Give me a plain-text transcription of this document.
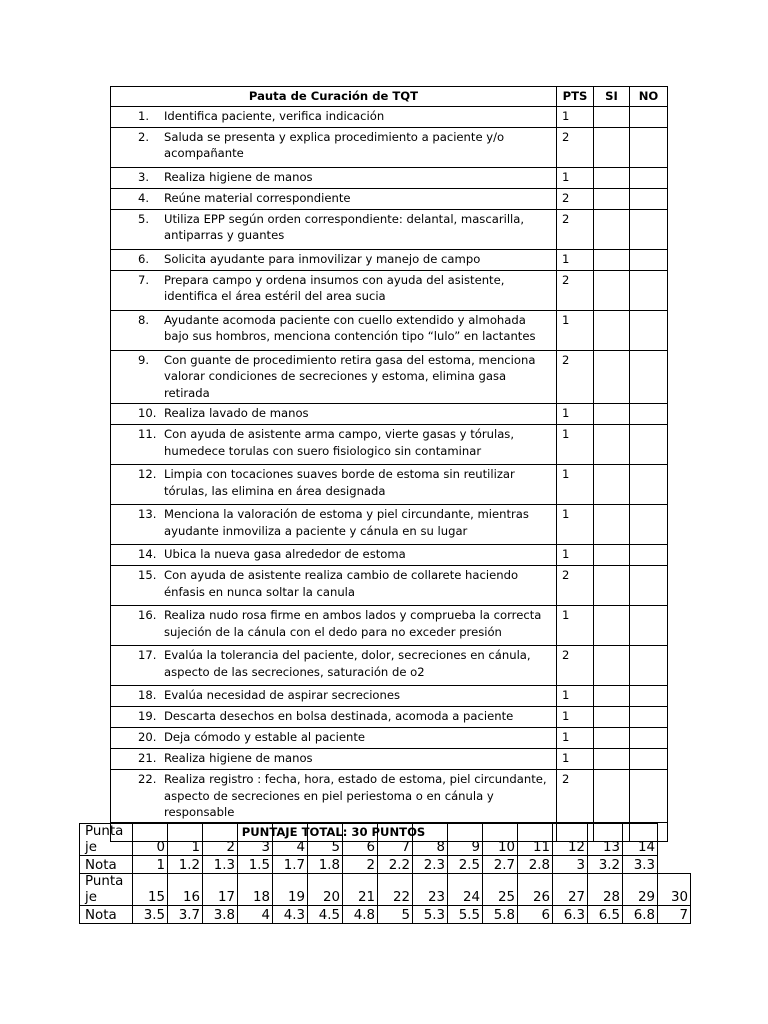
Pauta de Curación de TQT	PTS	SI	NO

1. Identifica paciente, verifica indicación	1		

2. Saluda se presenta y explica procedimiento a paciente y/o acompañante	2		

3. Realiza higiene de manos	1		

4. Reúne material correspondiente	2		

5. Utiliza EPP según orden correspondiente: delantal, mascarilla, antiparras y guantes	2		

6. Solicita ayudante para inmovilizar y manejo de campo	1		

7. Prepara campo y ordena insumos con ayuda del asistente, identifica el área estéril del area sucia	2		

8. Ayudante acomoda paciente con cuello extendido y almohada bajo sus hombros, menciona contención tipo “lulo” en lactantes	1		

9. Con guante de procedimiento retira gasa del estoma, menciona valorar condiciones de secreciones y estoma, elimina gasa retirada	2		

10. Realiza lavado de manos	1		

11. Con ayuda de asistente arma campo, vierte gasas y tórulas, humedece torulas con suero fisiologico sin contaminar	1		

12. Limpia con tocaciones suaves borde de estoma sin reutilizar tórulas, las elimina en área designada	1		

13. Menciona la valoración de estoma y piel circundante, mientras ayudante inmoviliza a paciente y cánula en su lugar	1		

14. Ubica la nueva gasa alrededor de estoma	1		

15. Con ayuda de asistente realiza cambio de collarete haciendo énfasis en nunca soltar la canula	2		

16. Realiza nudo rosa firme en ambos lados y comprueba la correcta sujeción de la cánula con el dedo para no exceder presión	1		

17. Evalúa la tolerancia del paciente, dolor, secreciones en cánula, aspecto de las secreciones, saturación de o2	2		

18. Evalúa necesidad de aspirar secreciones	1		

19. Descarta desechos en bolsa destinada, acomoda a paciente	1		

20. Deja cómodo y estable al paciente	1		

21. Realiza higiene de manos	1		

22. Realiza registro : fecha, hora, estado de estoma, piel circundante, aspecto de secreciones en piel periestoma o en cánula y responsable	2		
PUNTAJE TOTAL: 30 PUNTOS			
Punta je	0	1	2	3	4	5	6	7	8	9	10	11	12	13	14	
Nota	1	1.2	1.3	1.5	1.7	1.8	2	2.2	2.3	2.5	2.7	2.8	3	3.2	3.3	
Punta je	15	16	17	18	19	20	21	22	23	24	25	26	27	28	29	30
Nota	3.5	3.7	3.8	4	4.3	4.5	4.8	5	5.3	5.5	5.8	6	6.3	6.5	6.8	7
